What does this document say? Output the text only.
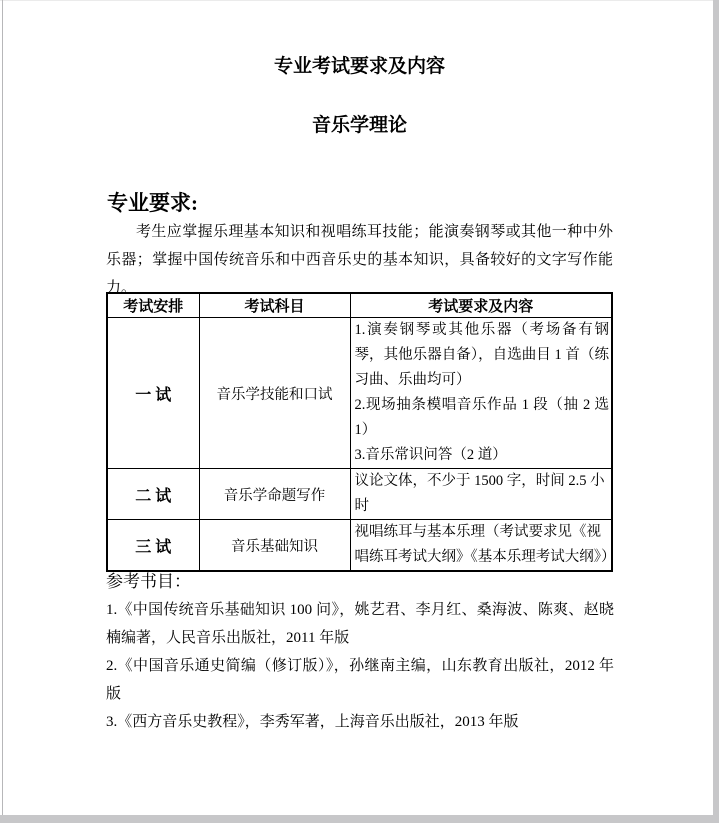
专业考试要求及内容
音乐学理论
专业要求:
考生应掌握乐理基本知识和视唱练耳技能；能演奏钢琴或其他一种中外乐器；掌握中国传统音乐和中西音乐史的基本知识，具备较好的文字写作能力。
考试安排	考试科目	考试要求及内容
一 试	音乐学技能和口试	1.演奏钢琴或其他乐器（考场备有钢琴，其他乐器自备），自选曲目 1 首（练习曲、乐曲均可）
2.现场抽条模唱音乐作品 1 段（抽 2 选 1）
3.音乐常识问答（2 道）

二 试	音乐学命题写作	议论文体，不少于 1500 字，时间 2.5 小时

三 试	音乐基础知识	视唱练耳与基本乐理（考试要求见《视唱练耳考试大纲》《基本乐理考试大纲》）
参考书目：
1.《中国传统音乐基础知识 100 问》，姚艺君、李月红、桑海波、陈爽、赵晓楠编著，人民音乐出版社，2011 年版
2.《中国音乐通史简编（修订版）》，孙继南主编，山东教育出版社，2012 年版
3.《西方音乐史教程》，李秀军著，上海音乐出版社，2013 年版
